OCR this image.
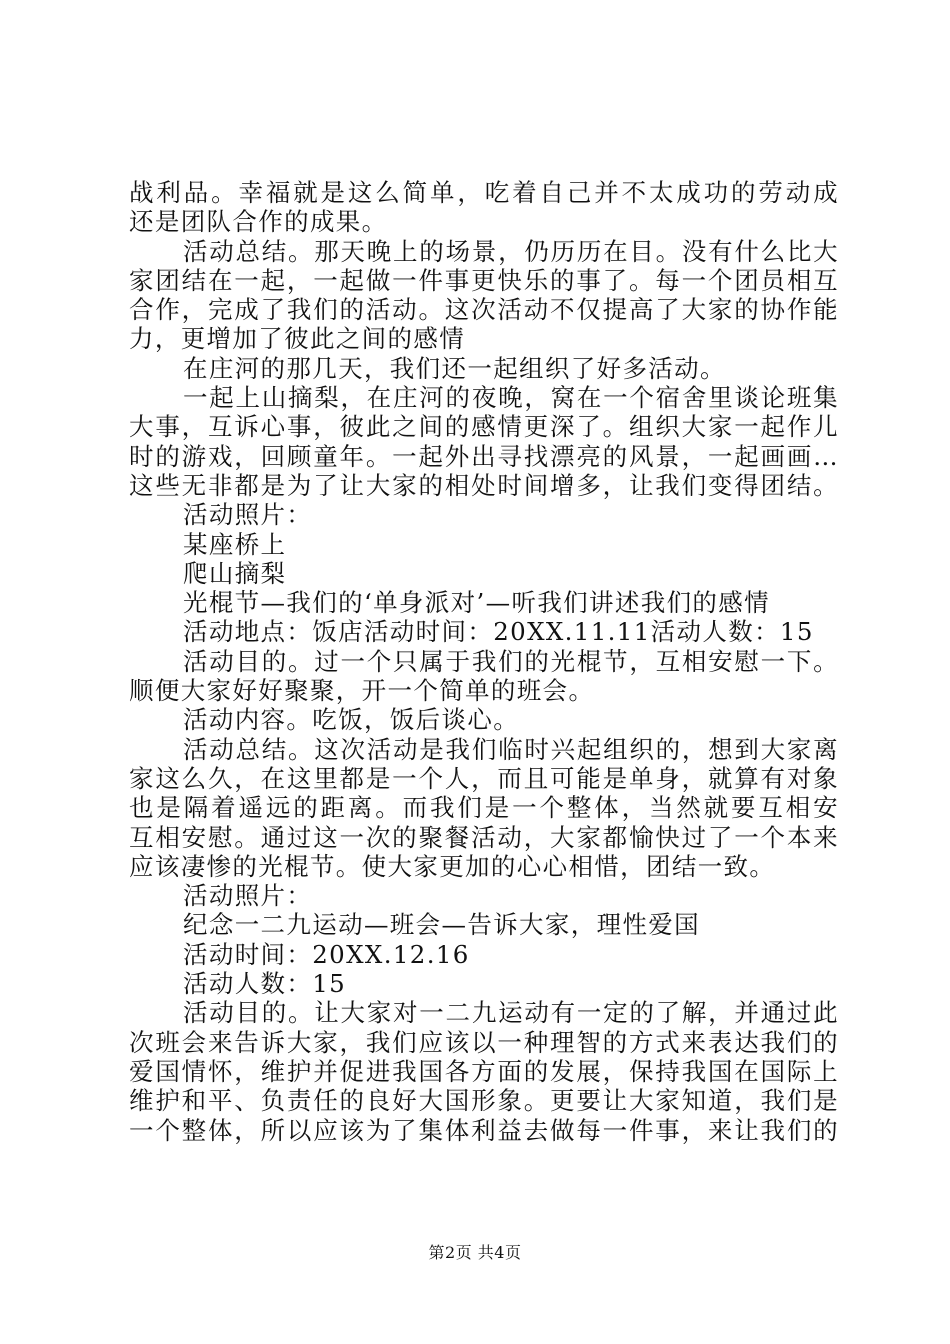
战利品。幸福就是这么简单，吃着自己并不太成功的劳动成
还是团队合作的成果。
活动总结。那天晚上的场景，仍历历在目。没有什么比大
家团结在一起，一起做一件事更快乐的事了。每一个团员相互
合作，完成了我们的活动。这次活动不仅提高了大家的协作能
力，更增加了彼此之间的感情
在庄河的那几天，我们还一起组织了好多活动。
一起上山摘梨，在庄河的夜晚，窝在一个宿舍里谈论班集
大事，互诉心事，彼此之间的感情更深了。组织大家一起作儿
时的游戏，回顾童年。一起外出寻找漂亮的风景，一起画画…
这些无非都是为了让大家的相处时间增多，让我们变得团结。
活动照片：
某座桥上
爬山摘梨
光棍节—我们的‘单身派对’—听我们讲述我们的感情
活动地点：饭店活动时间：20XX.11.11活动人数：15
活动目的。过一个只属于我们的光棍节，互相安慰一下。
顺便大家好好聚聚，开一个简单的班会。
活动内容。吃饭，饭后谈心。
活动总结。这次活动是我们临时兴起组织的，想到大家离
家这么久，在这里都是一个人，而且可能是单身，就算有对象
也是隔着遥远的距离。而我们是一个整体，当然就要互相安
互相安慰。通过这一次的聚餐活动，大家都愉快过了一个本来
应该凄惨的光棍节。使大家更加的心心相惜，团结一致。
活动照片：
纪念一二九运动—班会—告诉大家，理性爱国
活动时间：20XX.12.16
活动人数：15
活动目的。让大家对一二九运动有一定的了解，并通过此
次班会来告诉大家，我们应该以一种理智的方式来表达我们的
爱国情怀，维护并促进我国各方面的发展，保持我国在国际上
维护和平、负责任的良好大国形象。更要让大家知道，我们是
一个整体，所以应该为了集体利益去做每一件事，来让我们的
第2页 共4页
